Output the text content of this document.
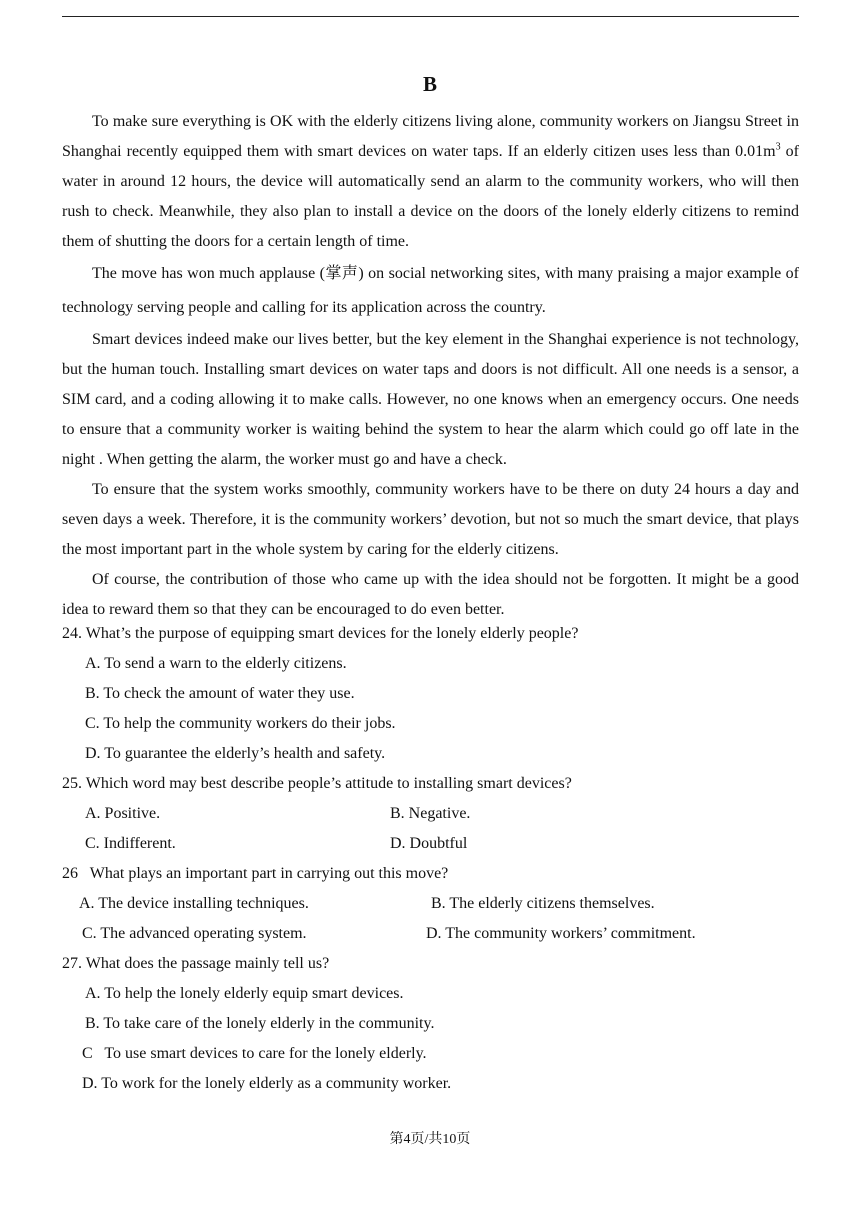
B

To make sure everything is OK with the elderly citizens living alone, community workers on Jiangsu Street in Shanghai recently equipped them with smart devices on water taps. If an elderly citizen uses less than $0.01m^3$ of water in around 12 hours, the device will automatically send an alarm to the community workers, who will then rush to check. Meanwhile, they also plan to install a device on the doors of the lonely elderly citizens to remind them of shutting the doors for a certain length of time.

The move has won much applause (掌声) on social networking sites, with many praising a major example of technology serving people and calling for its application across the country.

Smart devices indeed make our lives better, but the key element in the Shanghai experience is not technology, but the human touch. Installing smart devices on water taps and doors is not difficult. All one needs is a sensor, a SIM card, and a coding allowing it to make calls. However, no one knows when an emergency occurs. One needs to ensure that a community worker is waiting behind the system to hear the alarm which could go off late in the night . When getting the alarm, the worker must go and have a check.

To ensure that the system works smoothly, community workers have to be there on duty 24 hours a day and seven days a week. Therefore, it is the community workers’ devotion, but not so much the smart device, that plays the most important part in the whole system by caring for the elderly citizens.

Of course, the contribution of those who came up with the idea should not be forgotten. It might be a good idea to reward them so that they can be encouraged to do even better.

24. What’s the purpose of equipping smart devices for the lonely elderly people?

A. To send a warn to the elderly citizens.

B. To check the amount of water they use.

C. To help the community workers do their jobs.

D. To guarantee the elderly’s health and safety.

25. Which word may best describe people’s attitude to installing smart devices?

A. Positive.	B. Negative.
C. Indifferent.	D. Doubtful

26   What plays an important part in carrying out this move?

A. The device installing techniques.	B. The elderly citizens themselves.
C. The advanced operating system.	D. The community workers’ commitment.

27. What does the passage mainly tell us?

A. To help the lonely elderly equip smart devices.

B. To take care of the lonely elderly in the community.

C   To use smart devices to care for the lonely elderly.

D. To work for the lonely elderly as a community worker.

第4页/共10页
